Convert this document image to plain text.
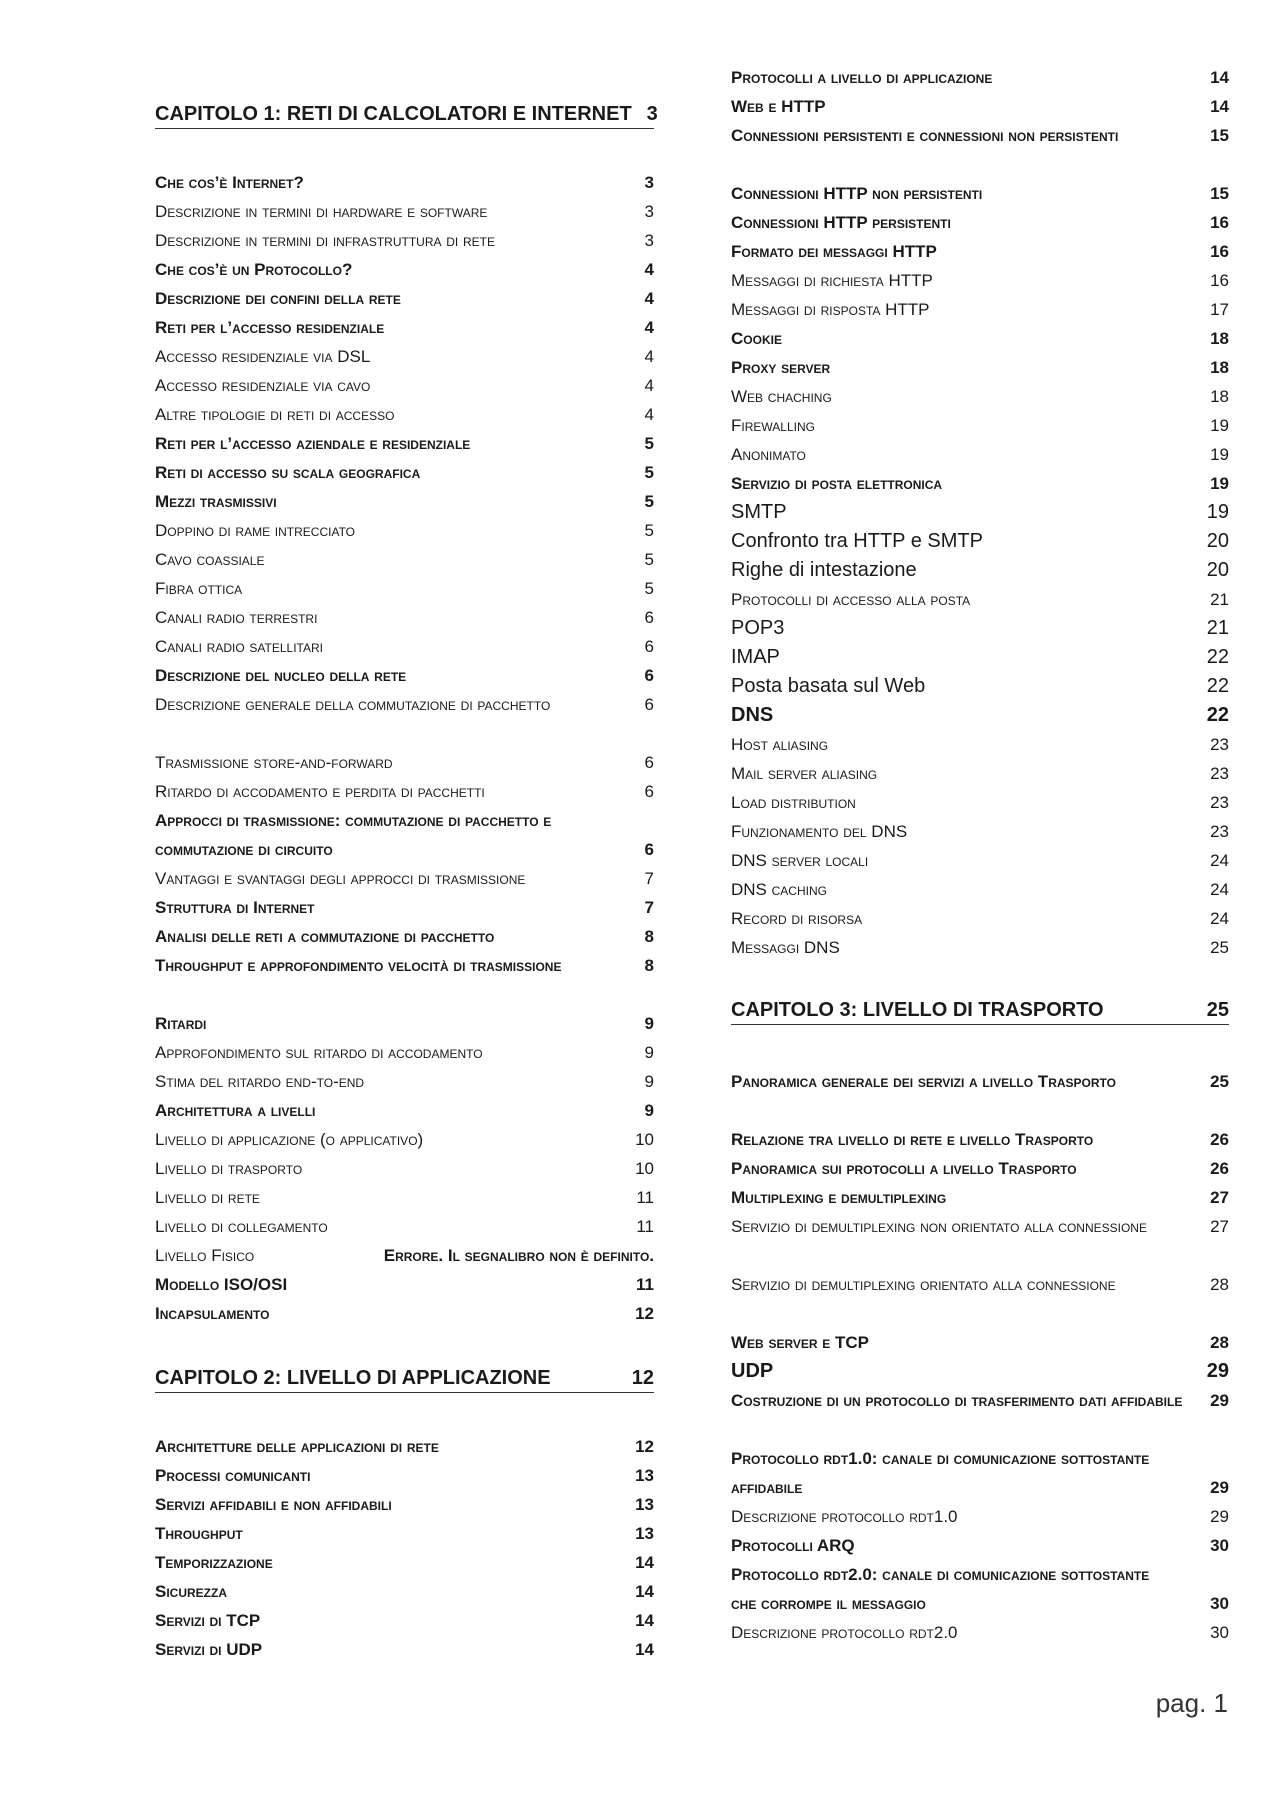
CAPITOLO 1: RETI DI CALCOLATORI E INTERNET 3
Che cos’è Internet?	3
Descrizione in termini di hardware e software	3
Descrizione in termini di infrastruttura di rete	3
Che cos’è un Protocollo?	4
Descrizione dei confini della rete	4
Reti per l’accesso residenziale	4
Accesso residenziale via DSL	4
Accesso residenziale via cavo	4
Altre tipologie di reti di accesso	4
Reti per l’accesso aziendale e residenziale	5
Reti di accesso su scala geografica	5
Mezzi trasmissivi	5
Doppino di rame intrecciato	5
Cavo coassiale	5
Fibra ottica	5
Canali radio terrestri	6
Canali radio satellitari	6
Descrizione del nucleo della rete	6
Descrizione generale della commutazione di pacchetto	6
Trasmissione store-and-forward	6
Ritardo di accodamento e perdita di pacchetti	6
Approcci di trasmissione: commutazione di pacchetto e commutazione di circuito	6
Vantaggi e svantaggi degli approcci di trasmissione	7
Struttura di Internet	7
Analisi delle reti a commutazione di pacchetto	8
Throughput e approfondimento velocità di trasmissione	8
Ritardi	9
Approfondimento sul ritardo di accodamento	9
Stima del ritardo end-to-end	9
Architettura a livelli	9
Livello di applicazione (o applicativo)	10
Livello di trasporto	10
Livello di rete	11
Livello di collegamento	11
Livello Fisico	Errore. Il segnalibro non è definito.
Modello ISO/OSI	11
Incapsulamento	12
CAPITOLO 2: LIVELLO DI APPLICAZIONE	12
Architetture delle applicazioni di rete	12
Processi comunicanti	13
Servizi affidabili e non affidabili	13
Throughput	13
Temporizzazione	14
Sicurezza	14
Servizi di TCP	14
Servizi di UDP	14
Protocolli a livello di applicazione	14
Web e HTTP	14
Connessioni persistenti e connessioni non persistenti	15
Connessioni HTTP non persistenti	15
Connessioni HTTP persistenti	16
Formato dei messaggi HTTP	16
Messaggi di richiesta HTTP	16
Messaggi di risposta HTTP	17
Cookie	18
Proxy server	18
Web chaching	18
Firewalling	19
Anonimato	19
Servizio di posta elettronica	19
SMTP	19
Confronto tra HTTP e SMTP	20
Righe di intestazione	20
Protocolli di accesso alla posta	21
POP3	21
IMAP	22
Posta basata sul Web	22
DNS	22
Host aliasing	23
Mail server aliasing	23
Load distribution	23
Funzionamento del DNS	23
DNS server locali	24
DNS caching	24
Record di risorsa	24
Messaggi DNS	25
CAPITOLO 3: LIVELLO DI TRASPORTO	25
Panoramica generale dei servizi a livello Trasporto	25
Relazione tra livello di rete e livello Trasporto	26
Panoramica sui protocolli a livello Trasporto	26
Multiplexing e demultiplexing	27
Servizio di demultiplexing non orientato alla connessione	27
Servizio di demultiplexing orientato alla connessione	28
Web server e TCP	28
UDP	29
Costruzione di un protocollo di trasferimento dati affidabile	29
Protocollo rdt1.0: canale di comunicazione sottostante affidabile	29
Descrizione protocollo rdt1.0	29
Protocolli ARQ	30
Protocollo rdt2.0: canale di comunicazione sottostante che corrompe il messaggio	30
Descrizione protocollo rdt2.0	30
pag. 1
